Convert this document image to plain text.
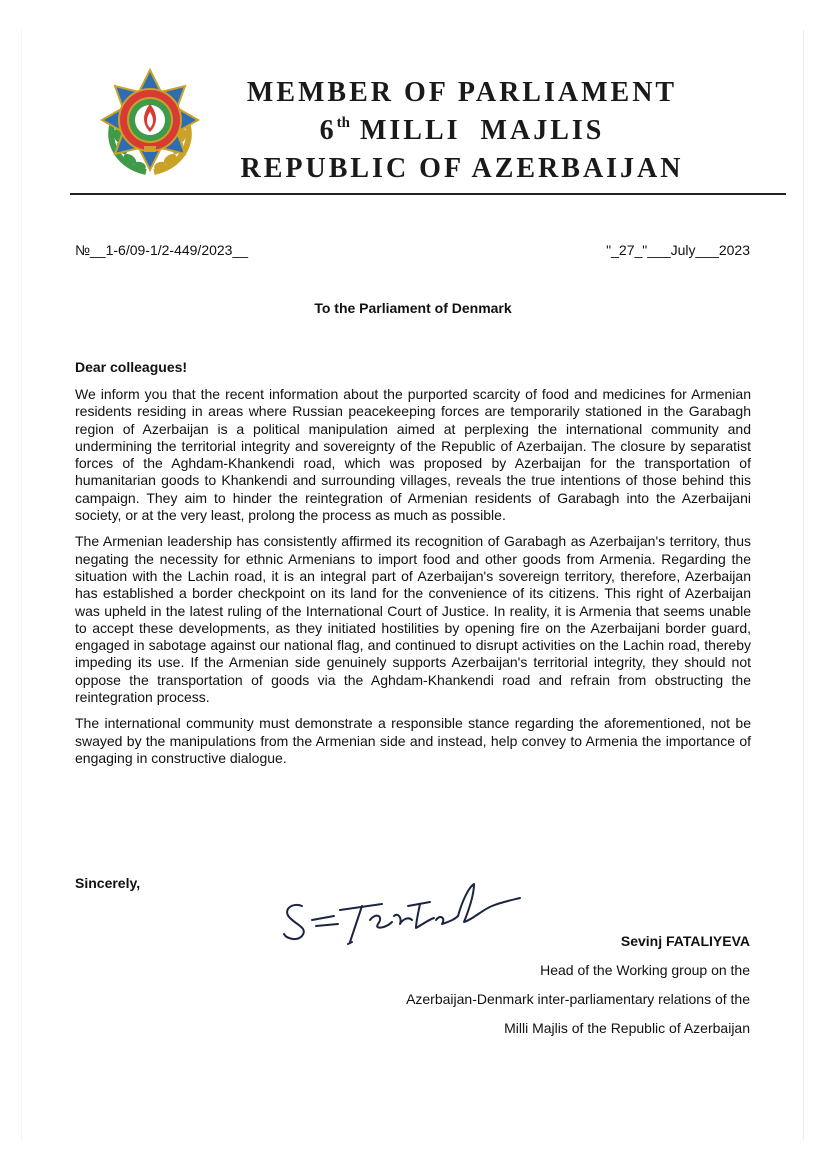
MEMBER OF PARLIAMENT
6th MILLI  MAJLIS
REPUBLIC OF AZERBAIJAN
№__1-6/09-1/2-449/2023__	"_27_"___July___2023
To the Parliament of Denmark
Dear colleagues!

We inform you that the recent information about the purported scarcity of food and medicines for Armenian residents residing in areas where Russian peacekeeping forces are temporarily stationed in the Garabagh region of Azerbaijan is a political manipulation aimed at perplexing the international community and undermining the territorial integrity and sovereignty of the Republic of Azerbaijan. The closure by separatist forces of the Aghdam-Khankendi road, which was proposed by Azerbaijan for the transportation of humanitarian goods to Khankendi and surrounding villages, reveals the true intentions of those behind this campaign. They aim to hinder the reintegration of Armenian residents of Garabagh into the Azerbaijani society, or at the very least, prolong the process as much as possible.

The Armenian leadership has consistently affirmed its recognition of Garabagh as Azerbaijan's territory, thus negating the necessity for ethnic Armenians to import food and other goods from Armenia. Regarding the situation with the Lachin road, it is an integral part of Azerbaijan's sovereign territory, therefore, Azerbaijan has established a border checkpoint on its land for the convenience of its citizens. This right of Azerbaijan was upheld in the latest ruling of the International Court of Justice. In reality, it is Armenia that seems unable to accept these developments, as they initiated hostilities by opening fire on the Azerbaijani border guard, engaged in sabotage against our national flag, and continued to disrupt activities on the Lachin road, thereby impeding its use. If the Armenian side genuinely supports Azerbaijan's territorial integrity, they should not oppose the transportation of goods via the Aghdam-Khankendi road and refrain from obstructing the reintegration process.

The international community must demonstrate a responsible stance regarding the aforementioned, not be swayed by the manipulations from the Armenian side and instead, help convey to Armenia the importance of engaging in constructive dialogue.

Sincerely,
Sevinj FATALIYEVA
Head of the Working group on the
Azerbaijan-Denmark inter-parliamentary relations of the
Milli Majlis of the Republic of Azerbaijan
